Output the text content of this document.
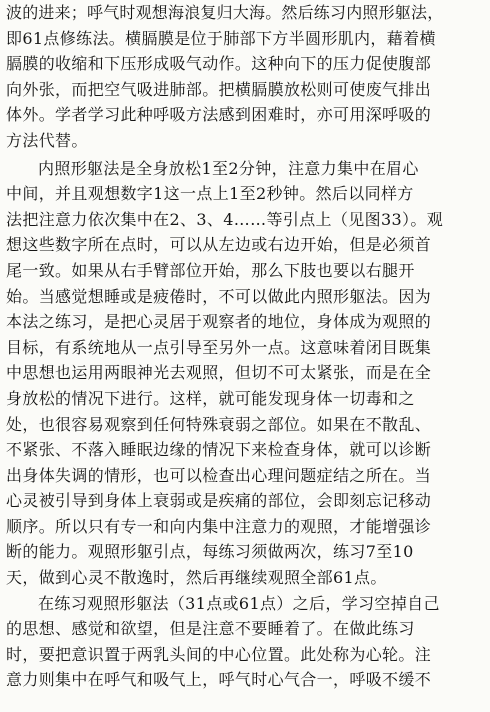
波的进来；呼气时观想海浪复归大海。然后练习内照形躯法，
即61点修练法。横膈膜是位于肺部下方半圆形肌内，藉着横
膈膜的收缩和下压形成吸气动作。这种向下的压力促使腹部
向外张，而把空气吸进肺部。把横膈膜放松则可使废气排出
体外。学者学习此种呼吸方法感到困难时，亦可用深呼吸的
方法代替。
内照形躯法是全身放松1至2分钟，注意力集中在眉心
中间，并且观想数字1这一点上1至2秒钟。然后以同样方
法把注意力依次集中在2、3、4……等引点上（见图33）。观
想这些数字所在点时，可以从左边或右边开始，但是必须首
尾一致。如果从右手臂部位开始，那么下肢也要以右腿开
始。当感觉想睡或是疲倦时，不可以做此内照形躯法。因为
本法之练习，是把心灵居于观察者的地位，身体成为观照的
目标，有系统地从一点引导至另外一点。这意味着闭目既集
中思想也运用两眼神光去观照，但切不可太紧张，而是在全
身放松的情况下进行。这样，就可能发现身体一切毒和之
处，也很容易观察到任何特殊衰弱之部位。如果在不散乱、
不紧张、不落入睡眠边缘的情况下来检查身体，就可以诊断
出身体失调的情形，也可以检查出心理问题症结之所在。当
心灵被引导到身体上衰弱或是疾痛的部位，会即刻忘记移动
顺序。所以只有专一和向内集中注意力的观照，才能增强诊
断的能力。观照形躯引点，每练习须做两次，练习7至10
天，做到心灵不散逸时，然后再继续观照全部61点。
在练习观照形躯法（31点或61点）之后，学习空掉自己
的思想、感觉和欲望，但是注意不要睡着了。在做此练习
时，要把意识置于两乳头间的中心位置。此处称为心轮。注
意力则集中在呼气和吸气上，呼气时心气合一，呼吸不缓不
